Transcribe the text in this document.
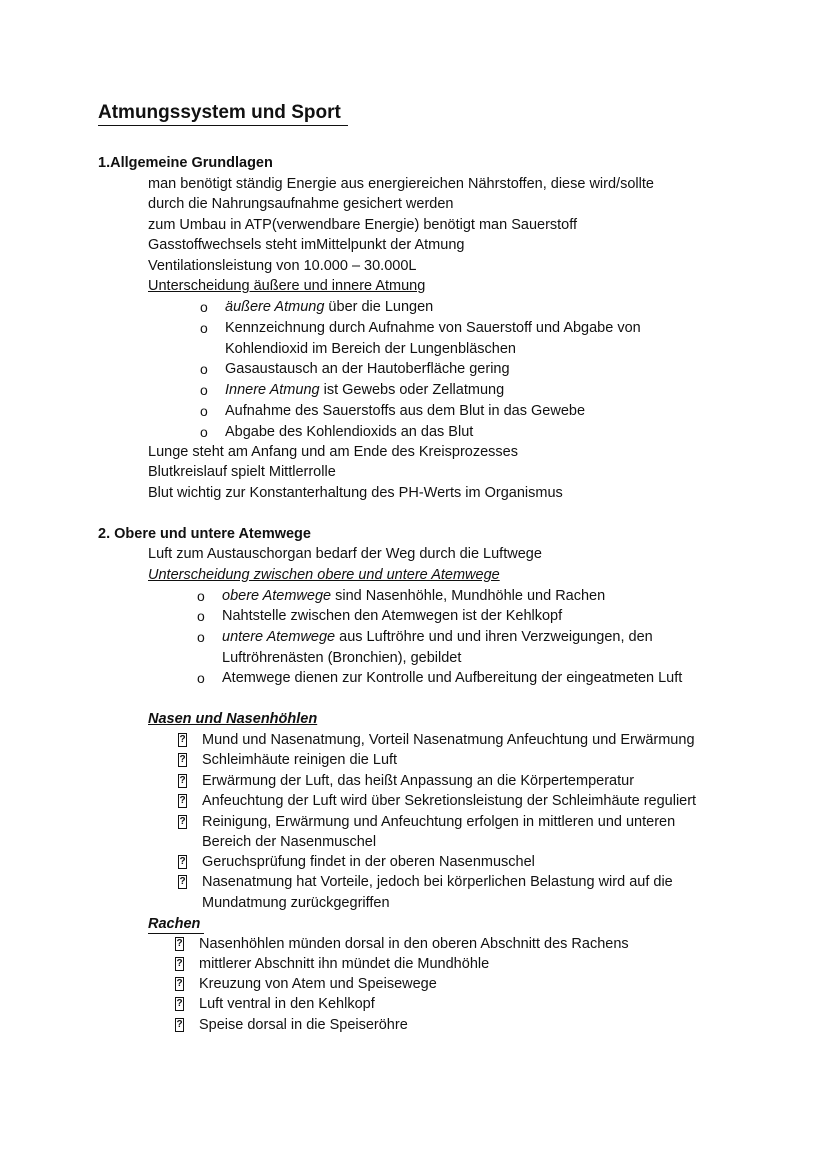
Atmungssystem und Sport
1.Allgemeine Grundlagen
man benötigt ständig Energie aus energiereichen Nährstoffen, diese wird/sollte
durch die Nahrungsaufnahme gesichert werden
zum Umbau in ATP(verwendbare Energie) benötigt man Sauerstoff
Gasstoffwechsels steht imMittelpunkt der Atmung
Ventilationsleistung von 10.000 – 30.000L
Unterscheidung äußere und innere Atmung
o äußere Atmung über die Lungen
o Kennzeichnung durch Aufnahme von Sauerstoff und Abgabe von
Kohlendioxid im Bereich der Lungenbläschen
o Gasaustausch an der Hautoberfläche gering
o Innere Atmung ist Gewebs oder Zellatmung
o Aufnahme des Sauerstoffs aus dem Blut in das Gewebe
o Abgabe des Kohlendioxids an das Blut
Lunge steht am Anfang und am Ende des Kreisprozesses
Blutkreislauf spielt Mittlerrolle
Blut wichtig zur Konstanterhaltung des PH-Werts im Organismus
2. Obere und untere Atemwege
Luft zum Austauschorgan bedarf der Weg durch die Luftwege
Unterscheidung zwischen obere und untere Atemwege
o obere Atemwege sind Nasenhöhle, Mundhöhle und Rachen
o Nahtstelle zwischen den Atemwegen ist der Kehlkopf
o untere Atemwege aus Luftröhre und und ihren Verzweigungen, den
Luftröhrenästen (Bronchien), gebildet
o Atemwege dienen zur Kontrolle und Aufbereitung der eingeatmeten Luft
Nasen und Nasenhöhlen
? Mund und Nasenatmung, Vorteil Nasenatmung Anfeuchtung und Erwärmung
? Schleimhäute reinigen die Luft
? Erwärmung der Luft, das heißt Anpassung an die Körpertemperatur
? Anfeuchtung der Luft wird über Sekretionsleistung der Schleimhäute reguliert
? Reinigung, Erwärmung und Anfeuchtung erfolgen in mittleren und unteren
Bereich der Nasenmuschel
? Geruchsprüfung findet in der oberen Nasenmuschel
? Nasenatmung hat Vorteile, jedoch bei körperlichen Belastung wird auf die
Mundatmung zurückgegriffen
Rachen
? Nasenhöhlen münden dorsal in den oberen Abschnitt des Rachens
? mittlerer Abschnitt ihn mündet die Mundhöhle
? Kreuzung von Atem und Speisewege
? Luft ventral in den Kehlkopf
? Speise dorsal in die Speiseröhre
